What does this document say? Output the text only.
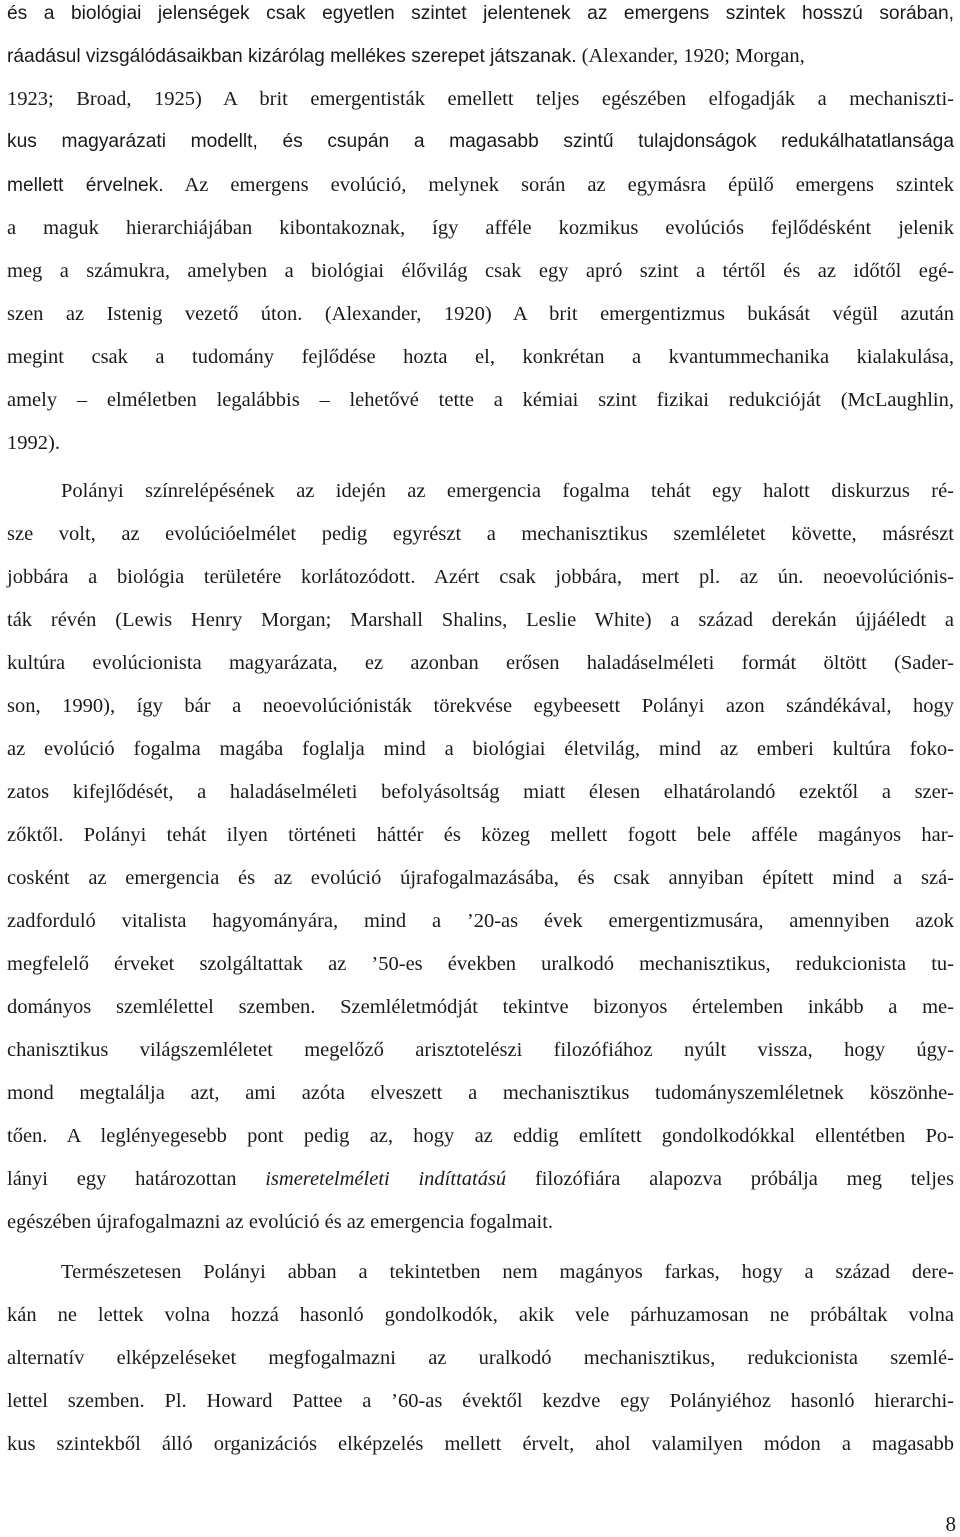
és a biológiai jelenségek csak egyetlen szintet jelentenek az emergens szintek hosszú sorában,
ráadásul vizsgálódásaikban kizárólag mellékes szerepet játszanak. (Alexander, 1920; Morgan,
1923; Broad, 1925) A brit emergentisták emellett teljes egészében elfogadják a mechaniszti-
kus magyarázati modellt, és csupán a magasabb szintű tulajdonságok redukálhatatlansága
mellett érvelnek. Az emergens evolúció, melynek során az egymásra épülő emergens szintek
a maguk hierarchiájában kibontakoznak, így afféle kozmikus evolúciós fejlődésként jelenik
meg a számukra, amelyben a biológiai élővilág csak egy apró szint a tértől és az időtől egé-
szen az Istenig vezető úton. (Alexander, 1920) A brit emergentizmus bukását végül azután
megint csak a tudomány fejlődése hozta el, konkrétan a kvantummechanika kialakulása,
amely – elméletben legalábbis – lehetővé tette a kémiai szint fizikai redukcióját (McLaughlin,
1992).
Polányi színrelépésének az idején az emergencia fogalma tehát egy halott diskurzus ré-
sze volt, az evolúcióelmélet pedig egyrészt a mechanisztikus szemléletet követte, másrészt
jobbára a biológia területére korlátozódott. Azért csak jobbára, mert pl. az ún. neoevolúciónis-
ták révén (Lewis Henry Morgan; Marshall Shalins, Leslie White) a század derekán újjáéledt a
kultúra evolúcionista magyarázata, ez azonban erősen haladáselméleti formát öltött (Sader-
son, 1990), így bár a neoevolúciónisták törekvése egybeesett Polányi azon szándékával, hogy
az evolúció fogalma magába foglalja mind a biológiai életvilág, mind az emberi kultúra foko-
zatos kifejlődését, a haladáselméleti befolyásoltság miatt élesen elhatárolandó ezektől a szer-
zőktől. Polányi tehát ilyen történeti háttér és közeg mellett fogott bele afféle magányos har-
cosként az emergencia és az evolúció újrafogalmazásába, és csak annyiban épített mind a szá-
zadforduló vitalista hagyományára, mind a ’20-as évek emergentizmusára, amennyiben azok
megfelelő érveket szolgáltattak az ’50-es években uralkodó mechanisztikus, redukcionista tu-
dományos szemlélettel szemben. Szemléletmódját tekintve bizonyos értelemben inkább a me-
chanisztikus világszemléletet megelőző arisztotelészi filozófiához nyúlt vissza, hogy úgy-
mond megtalálja azt, ami azóta elveszett a mechanisztikus tudományszemléletnek köszönhe-
tően. A leglényegesebb pont pedig az, hogy az eddig említett gondolkodókkal ellentétben Po-
lányi egy határozottan ismeretelméleti indíttatású filozófiára alapozva próbálja meg teljes
egészében újrafogalmazni az evolúció és az emergencia fogalmait.
Természetesen Polányi abban a tekintetben nem magányos farkas, hogy a század dere-
kán ne lettek volna hozzá hasonló gondolkodók, akik vele párhuzamosan ne próbáltak volna
alternatív elképzeléseket megfogalmazni az uralkodó mechanisztikus, redukcionista szemlé-
lettel szemben. Pl. Howard Pattee a ’60-as évektől kezdve egy Polányiéhoz hasonló hierarchi-
kus szintekből álló organizációs elképzelés mellett érvelt, ahol valamilyen módon a magasabb
8
